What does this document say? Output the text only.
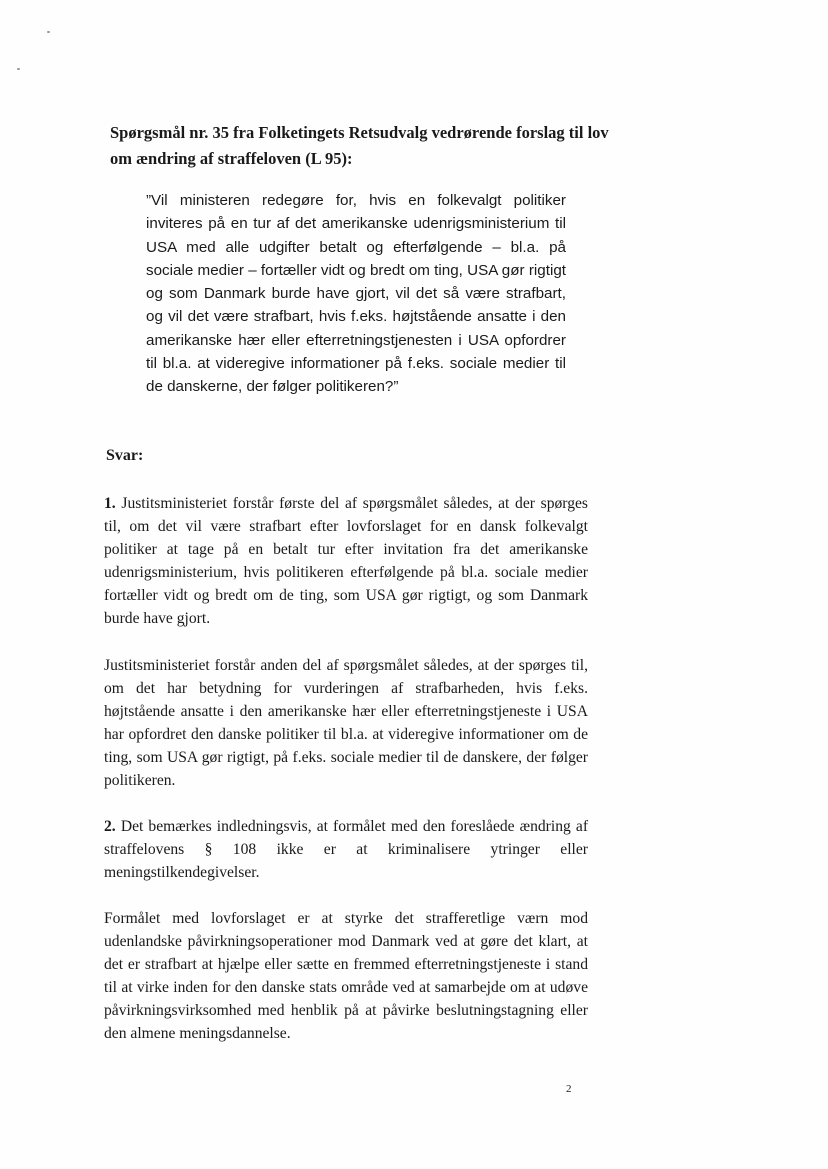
Spørgsmål nr. 35 fra Folketingets Retsudvalg vedrørende forslag til lov om ændring af straffeloven (L 95):

”Vil ministeren redegøre for, hvis en folkevalgt politiker inviteres på en tur af det amerikanske udenrigsministerium til USA med alle udgifter betalt og efterfølgende – bl.a. på sociale medier – fortæller vidt og bredt om ting, USA gør rigtigt og som Danmark burde have gjort, vil det så være strafbart, og vil det være strafbart, hvis f.eks. højtstående ansatte i den amerikanske hær eller efterretningstjenesten i USA opfordrer til bl.a. at videregive informationer på f.eks. sociale medier til de danskerne, der følger politikeren?”

Svar:

1. Justitsministeriet forstår første del af spørgsmålet således, at der spørges til, om det vil være strafbart efter lovforslaget for en dansk folkevalgt politiker at tage på en betalt tur efter invitation fra det amerikanske udenrigsministerium, hvis politikeren efterfølgende på bl.a. sociale medier fortæller vidt og bredt om de ting, som USA gør rigtigt, og som Danmark burde have gjort.

Justitsministeriet forstår anden del af spørgsmålet således, at der spørges til, om det har betydning for vurderingen af strafbarheden, hvis f.eks. højtstående ansatte i den amerikanske hær eller efterretningstjeneste i USA har opfordret den danske politiker til bl.a. at videregive informationer om de ting, som USA gør rigtigt, på f.eks. sociale medier til de danskere, der følger politikeren.

2. Det bemærkes indledningsvis, at formålet med den foreslåede ændring af straffelovens § 108 ikke er at kriminalisere ytringer eller meningstilkendegivelser.

Formålet med lovforslaget er at styrke det strafferetlige værn mod udenlandske påvirkningsoperationer mod Danmark ved at gøre det klart, at det er strafbart at hjælpe eller sætte en fremmed efterretningstjeneste i stand til at virke inden for den danske stats område ved at samarbejde om at udøve påvirkningsvirksomhed med henblik på at påvirke beslutningstagning eller den almene meningsdannelse.

2
